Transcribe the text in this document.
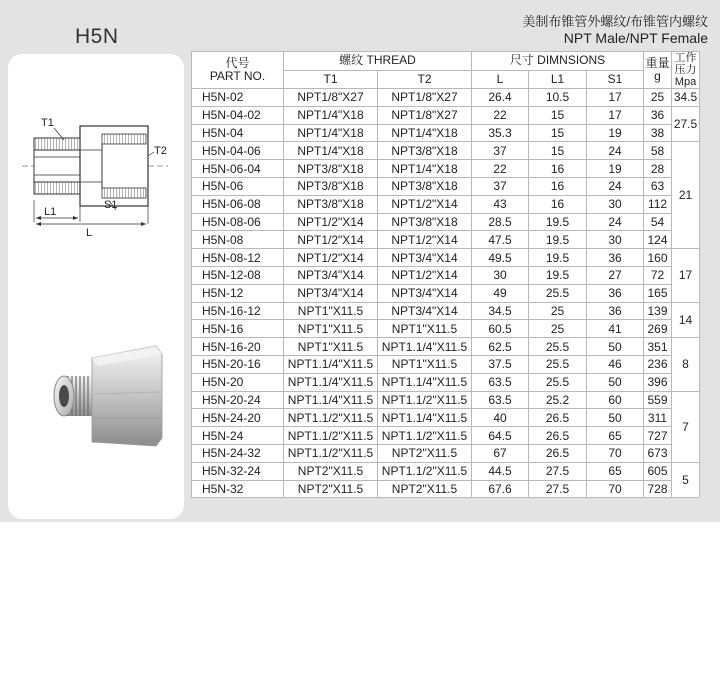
H5N
美制布锥管外螺纹/布锥管内螺纹
NPT Male/NPT Female
T1
T2
S1
L1
L
代号
PART NO.	螺纹 THREAD		尺寸 DIMNSIONS			重量
g	工作
压力
Mpa
	T1	T2	L	L1	S1		
H5N-02	NPT1/8"X27	NPT1/8"X27	26.4	10.5	17	25	34.5
H5N-04-02	NPT1/4"X18	NPT1/8"X27	22	15	17	36	27.5
H5N-04	NPT1/4"X18	NPT1/4"X18	35.3	15	19	38	
H5N-04-06	NPT1/4"X18	NPT3/8"X18	37	15	24	58	21
H5N-06-04	NPT3/8"X18	NPT1/4"X18	22	16	19	28	
H5N-06	NPT3/8"X18	NPT3/8"X18	37	16	24	63	
H5N-06-08	NPT3/8"X18	NPT1/2"X14	43	16	30	112	
H5N-08-06	NPT1/2"X14	NPT3/8"X18	28.5	19.5	24	54	
H5N-08	NPT1/2"X14	NPT1/2"X14	47.5	19.5	30	124	
H5N-08-12	NPT1/2"X14	NPT3/4"X14	49.5	19.5	36	160	17
H5N-12-08	NPT3/4"X14	NPT1/2"X14	30	19.5	27	72	
H5N-12	NPT3/4"X14	NPT3/4"X14	49	25.5	36	165	
H5N-16-12	NPT1"X11.5	NPT3/4"X14	34.5	25	36	139	14
H5N-16	NPT1"X11.5	NPT1"X11.5	60.5	25	41	269	
H5N-16-20	NPT1"X11.5	NPT1.1/4"X11.5	62.5	25.5	50	351	8
H5N-20-16	NPT1.1/4"X11.5	NPT1"X11.5	37.5	25.5	46	236	
H5N-20	NPT1.1/4"X11.5	NPT1.1/4"X11.5	63.5	25.5	50	396	
H5N-20-24	NPT1.1/4"X11.5	NPT1.1/2"X11.5	63.5	25.2	60	559	7
H5N-24-20	NPT1.1/2"X11.5	NPT1.1/4"X11.5	40	26.5	50	311	
H5N-24	NPT1.1/2"X11.5	NPT1.1/2"X11.5	64.5	26.5	65	727	
H5N-24-32	NPT1.1/2"X11.5	NPT2"X11.5	67	26.5	70	673	
H5N-32-24	NPT2"X11.5	NPT1.1/2"X11.5	44.5	27.5	65	605	5
H5N-32	NPT2"X11.5	NPT2"X11.5	67.6	27.5	70	728	
